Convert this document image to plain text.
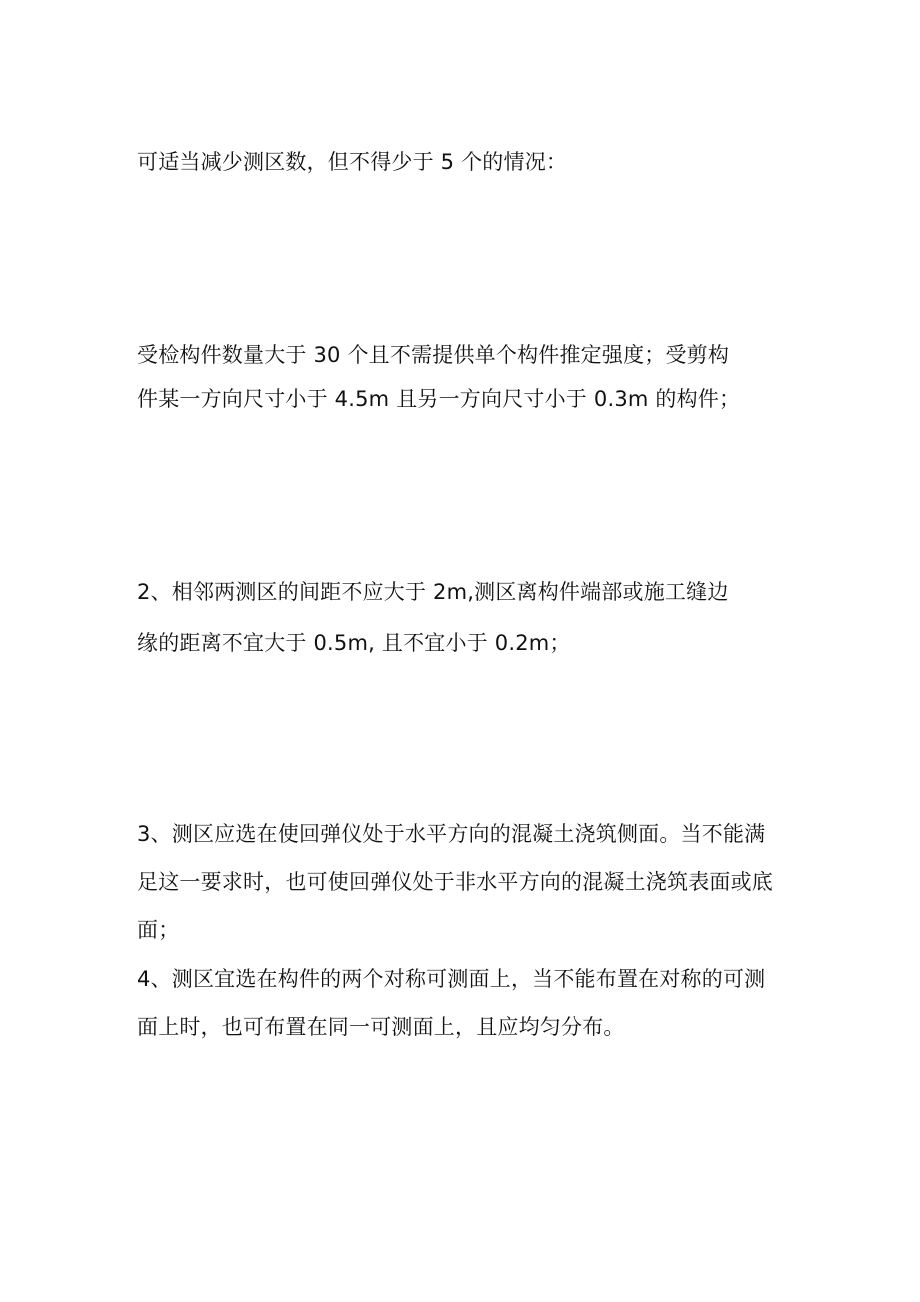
可适当减少测区数，但不得少于 5 个的情况：
受检构件数量大于 30 个且不需提供单个构件推定强度；受剪构
件某一方向尺寸小于 4.5m 且另一方向尺寸小于 0.3m 的构件；
2、相邻两测区的间距不应大于 2m,测区离构件端部或施工缝边
缘的距离不宜大于 0.5m, 且不宜小于 0.2m；
3、测区应选在使回弹仪处于水平方向的混凝土浇筑侧面。当不能满
足这一要求时，也可使回弹仪处于非水平方向的混凝土浇筑表面或底
面；
4、测区宜选在构件的两个对称可测面上，当不能布置在对称的可测
面上时，也可布置在同一可测面上，且应均匀分布。
